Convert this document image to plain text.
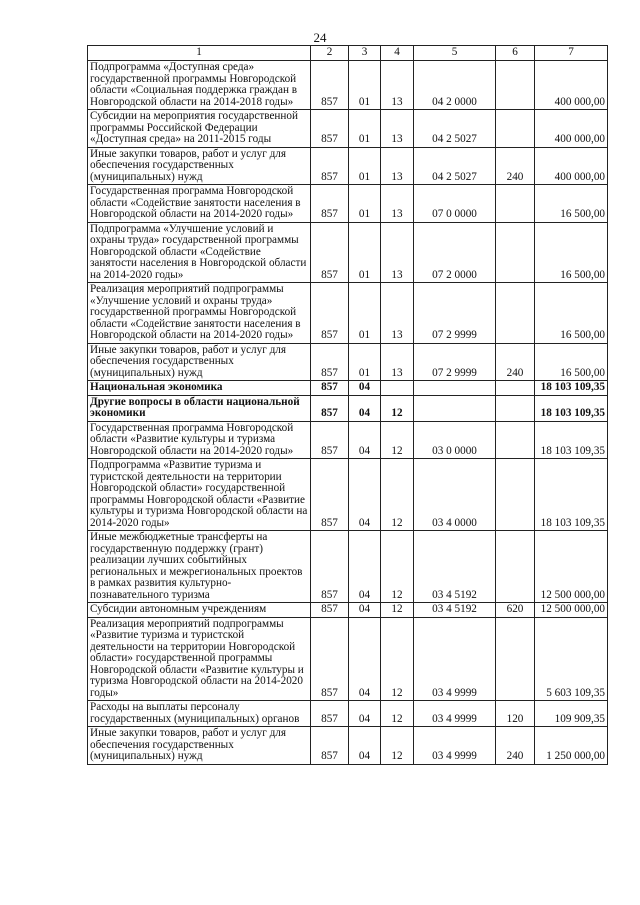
24
1	2	3	4	5	6	7
Подпрограмма «Доступная среда» государственной программы Новгородской области «Социальная поддержка граждан в Новгородской области на 2014-2018 годы»	857	01	13	04 2 0000		400 000,00
Субсидии на мероприятия государственной программы Российской Федерации «Доступная среда» на 2011-2015 годы	857	01	13	04 2 5027		400 000,00
Иные закупки товаров, работ и услуг для обеспечения государственных (муниципальных) нужд	857	01	13	04 2 5027	240	400 000,00
Государственная программа Новгородской области «Содействие занятости населения в Новгородской области на 2014-2020 годы»	857	01	13	07 0 0000		16 500,00
Подпрограмма «Улучшение условий и охраны труда» государственной программы Новгородской области «Содействие занятости населения в Новгородской области на 2014-2020 годы»	857	01	13	07 2 0000		16 500,00
Реализация мероприятий подпрограммы «Улучшение условий и охраны труда» государственной программы Новгородской области «Содействие занятости населения в Новгородской области на 2014-2020 годы»	857	01	13	07 2 9999		16 500,00
Иные закупки товаров, работ и услуг для обеспечения государственных (муниципальных) нужд	857	01	13	07 2 9999	240	16 500,00
Национальная экономика	857	04				18 103 109,35
Другие вопросы в области национальной экономики	857	04	12			18 103 109,35
Государственная программа Новгородской области «Развитие культуры и туризма Новгородской области на 2014-2020 годы»	857	04	12	03 0 0000		18 103 109,35
Подпрограмма «Развитие туризма и туристской деятельности на территории Новгородской области» государственной программы Новгородской области «Развитие культуры и туризма Новгородской области на 2014-2020 годы»	857	04	12	03 4 0000		18 103 109,35
Иные межбюджетные трансферты на государственную поддержку (грант) реализации лучших событийных региональных и межрегиональных проектов в рамках развития культурно-познавательного туризма	857	04	12	03 4 5192		12 500 000,00
Субсидии автономным учреждениям	857	04	12	03 4 5192	620	12 500 000,00
Реализация мероприятий подпрограммы «Развитие туризма и туристской деятельности на территории Новгородской области» государственной программы Новгородской области «Развитие культуры и туризма Новгородской области на 2014-2020 годы»	857	04	12	03 4 9999		5 603 109,35
Расходы на выплаты персоналу государственных (муниципальных) органов	857	04	12	03 4 9999	120	109 909,35
Иные закупки товаров, работ и услуг для обеспечения государственных (муниципальных) нужд	857	04	12	03 4 9999	240	1 250 000,00
